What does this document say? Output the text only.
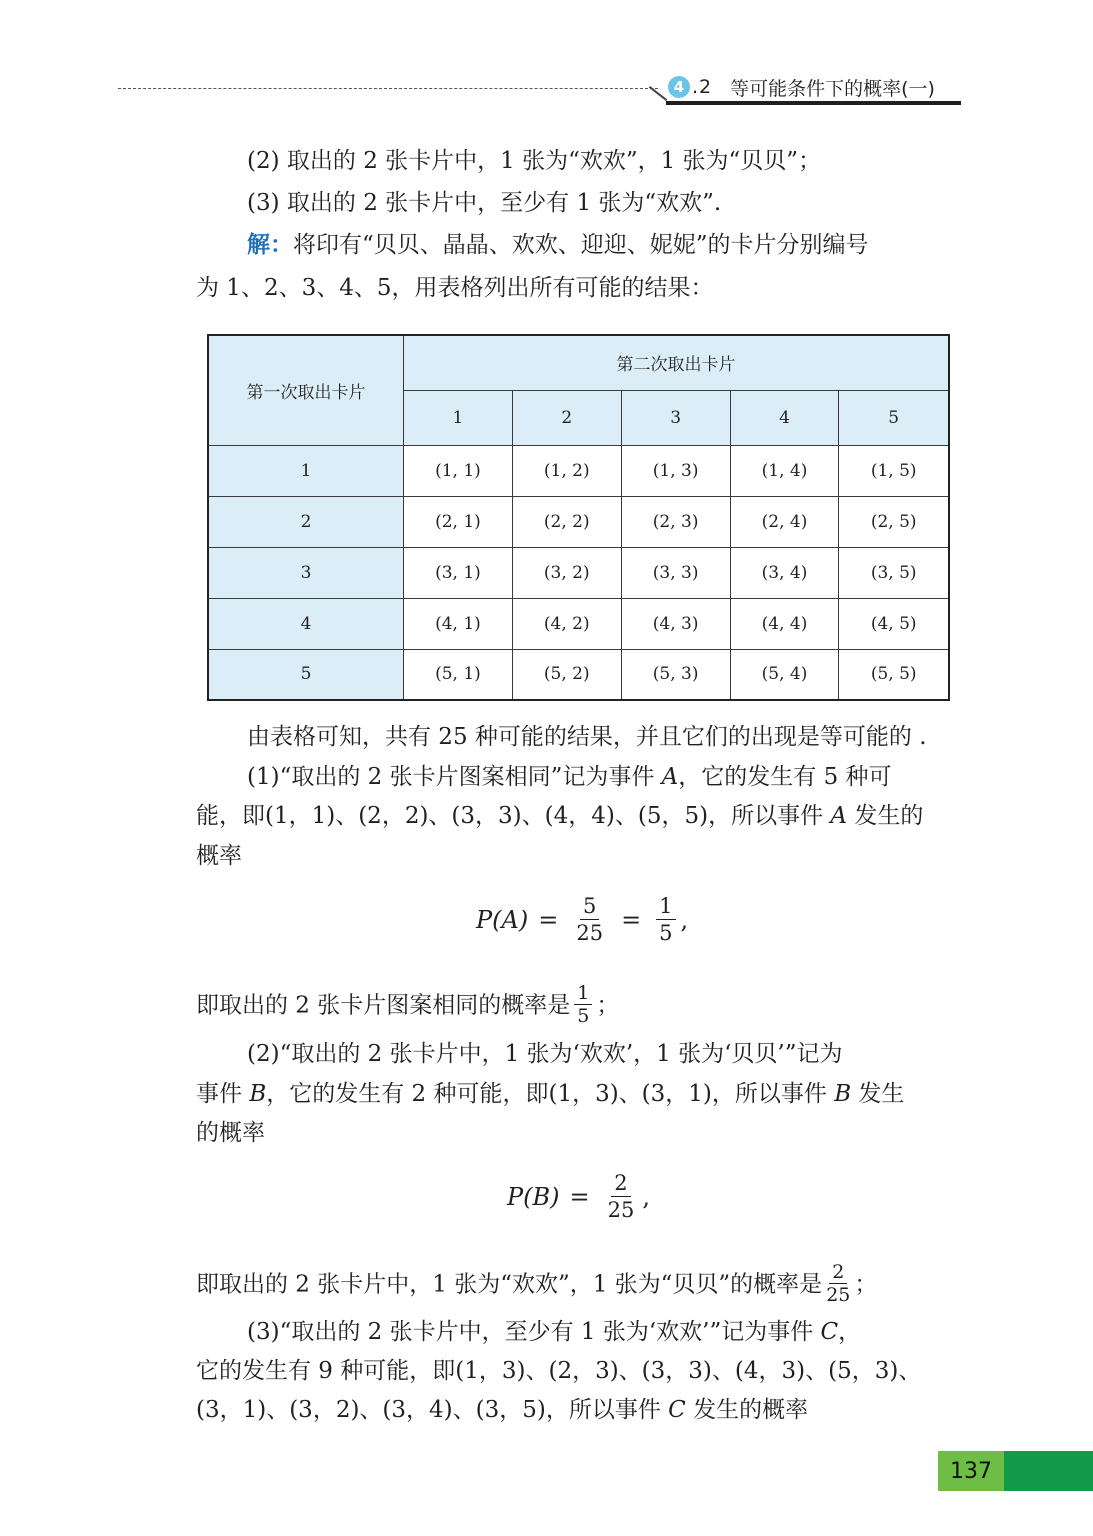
4 .2 等可能条件下的概率(一)

(2) 取出的 2 张卡片中，1 张为“欢欢”，1 张为“贝贝”；

(3) 取出的 2 张卡片中，至少有 1 张为“欢欢”.

解：将印有“贝贝、晶晶、欢欢、迎迎、妮妮”的卡片分别编号

为 1、2、3、4、5，用表格列出所有可能的结果：

第一次取出卡片	第二次取出卡片				
	1	2	3	4	5
1	(1, 1)	(1, 2)	(1, 3)	(1, 4)	(1, 5)
2	(2, 1)	(2, 2)	(2, 3)	(2, 4)	(2, 5)
3	(3, 1)	(3, 2)	(3, 3)	(3, 4)	(3, 5)
4	(4, 1)	(4, 2)	(4, 3)	(4, 4)	(4, 5)
5	(5, 1)	(5, 2)	(5, 3)	(5, 4)	(5, 5)

由表格可知，共有 25 种可能的结果，并且它们的出现是等可能的 .

(1)“取出的 2 张卡片图案相同”记为事件 A，它的发生有 5 种可

能，即(1，1)、(2，2)、(3，3)、(4，4)、(5，5)，所以事件 A 发生的

概率

$P(A) = \frac{5}{25} = \frac{1}{5}$ ,

即取出的 2 张卡片图案相同的概率是 $\frac{1}{5}$ ；

(2)“取出的 2 张卡片中，1 张为‘欢欢’，1 张为‘贝贝’”记为

事件 B，它的发生有 2 种可能，即(1，3)、(3，1)，所以事件 B 发生

的概率

$P(B) = \frac{2}{25}$ ,

即取出的 2 张卡片中，1 张为“欢欢”，1 张为“贝贝”的概率是 $\frac{2}{25}$ ；

(3)“取出的 2 张卡片中，至少有 1 张为‘欢欢’”记为事件 C，

它的发生有 9 种可能，即(1，3)、(2，3)、(3，3)、(4，3)、(5，3)、

(3，1)、(3，2)、(3，4)、(3，5)，所以事件 C 发生的概率

137
